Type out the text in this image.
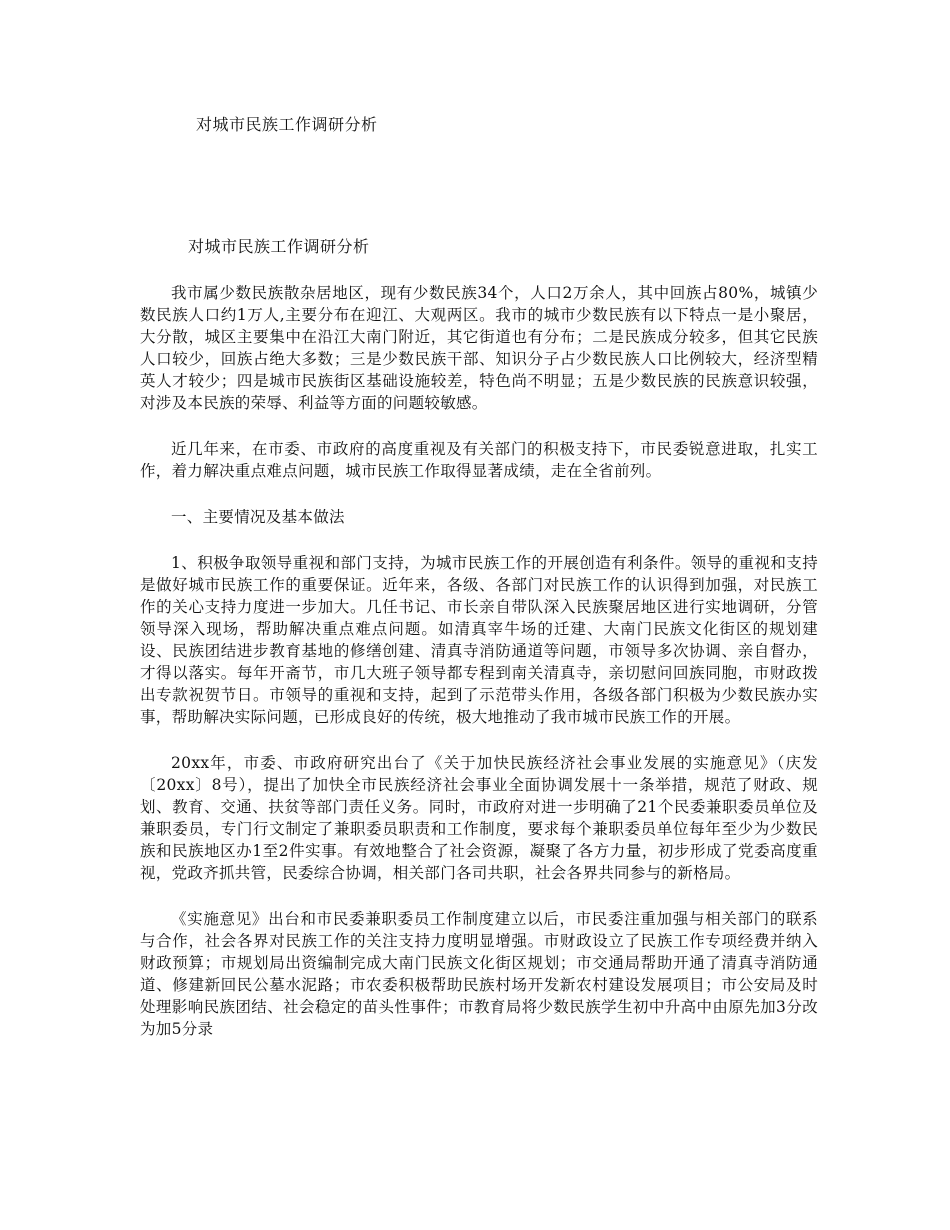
对城市民族工作调研分析
对城市民族工作调研分析

我市属少数民族散杂居地区，现有少数民族34个，人口2万余人，其中回族占80%，城镇少数民族人口约1万人,主要分布在迎江、大观两区。我市的城市少数民族有以下特点一是小聚居，大分散，城区主要集中在沿江大南门附近，其它街道也有分布；二是民族成分较多，但其它民族人口较少，回族占绝大多数；三是少数民族干部、知识分子占少数民族人口比例较大，经济型精英人才较少；四是城市民族街区基础设施较差，特色尚不明显；五是少数民族的民族意识较强，对涉及本民族的荣辱、利益等方面的问题较敏感。

近几年来，在市委、市政府的高度重视及有关部门的积极支持下，市民委锐意进取，扎实工作，着力解决重点难点问题，城市民族工作取得显著成绩，走在全省前列。

一、主要情况及基本做法

1、积极争取领导重视和部门支持，为城市民族工作的开展创造有利条件。领导的重视和支持是做好城市民族工作的重要保证。近年来，各级、各部门对民族工作的认识得到加强，对民族工作的关心支持力度进一步加大。几任书记、市长亲自带队深入民族聚居地区进行实地调研，分管领导深入现场，帮助解决重点难点问题。如清真宰牛场的迁建、大南门民族文化街区的规划建设、民族团结进步教育基地的修缮创建、清真寺消防通道等问题，市领导多次协调、亲自督办，才得以落实。每年开斋节，市几大班子领导都专程到南关清真寺，亲切慰问回族同胞，市财政拨出专款祝贺节日。市领导的重视和支持，起到了示范带头作用，各级各部门积极为少数民族办实事，帮助解决实际问题，已形成良好的传统，极大地推动了我市城市民族工作的开展。

20xx年，市委、市政府研究出台了《关于加快民族经济社会事业发展的实施意见》（庆发〔20xx〕8号），提出了加快全市民族经济社会事业全面协调发展十一条举措，规范了财政、规划、教育、交通、扶贫等部门责任义务。同时，市政府对进一步明确了21个民委兼职委员单位及兼职委员，专门行文制定了兼职委员职责和工作制度，要求每个兼职委员单位每年至少为少数民族和民族地区办1至2件实事。有效地整合了社会资源，凝聚了各方力量，初步形成了党委高度重视，党政齐抓共管，民委综合协调，相关部门各司共职，社会各界共同参与的新格局。

《实施意见》出台和市民委兼职委员工作制度建立以后，市民委注重加强与相关部门的联系与合作，社会各界对民族工作的关注支持力度明显增强。市财政设立了民族工作专项经费并纳入财政预算；市规划局出资编制完成大南门民族文化街区规划；市交通局帮助开通了清真寺消防通道、修建新回民公墓水泥路；市农委积极帮助民族村场开发新农村建设发展项目；市公安局及时处理影响民族团结、社会稳定的苗头性事件；市教育局将少数民族学生初中升高中由原先加3分改为加5分录
